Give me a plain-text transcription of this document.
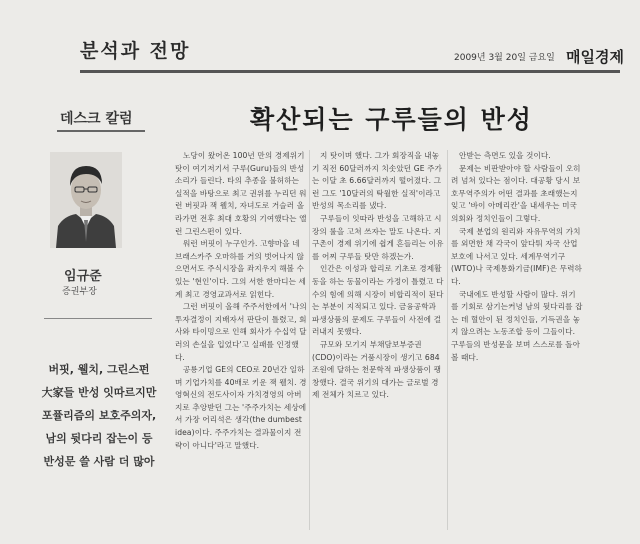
분석과 전망	2009년 3월 20일 금요일 매일경제
데스크 칼럼	확산되는 구루들의 반성
임규준
증권부장
버핏, 웰치, 그린스펀
大家들 반성 잇따르지만
포퓰리즘의 보호주의자,
남의 뒷다리 잡는이 등
반성문 쓸 사람 더 많아

노당이 왔어온 100년 만의 경제위기 탓이 여기저기서 구루(Guru)들의 반성 소리가 들린다. 타의 추종을 불허하는 실적을 바탕으로 최고 권위를 누리던 워런 버핏과 잭 웰치, 자녀도로 거슬러 올라가면 전후 최대 호황의 기여했다는 앨런 그린스펀이 있다.

워런 버핏이 누구인가. 고향마을 네브래스카주 오마하를 거의 벗어나지 않으면서도 주식시장을 좌지우지 해볼 수 있는 '현인'이다. 그의 서한 한마디는 세계 최고 경영교과서로 읽힌다.

그런 버핏이 올해 주주서한에서 '나의 투자결정이 지배자서 판단이 틀렸고, 회사와 타이밍으로 인해 회사가 수십억 달러의 손실을 입었다'고 실패를 인정했다.

공룡기업 GE의 CEO로 20년간 일하며 기업가치를 40배로 키운 잭 웰치. 경영혁신의 전도사이자 가치경영의 아버지로 추앙받던 그는 '주주가치는 세상에서 가장 어리석은 생각(the dumbest idea)이다. 주주가치는 결과물이지 전략이 아니다'라고 말했다.

지 탓이며 했다. 그가 회장직을 내놓기 직전 60달러까지 치솟았던 GE 주가는 이달 초 6.66달러까지 떨어졌다. 그런 그도 '10달러의 탁월한 실적'이라고 반성의 목소리를 냈다.

구루들이 잇따라 반성을 고해하고 시장의 룰을 고쳐 쓰자는 말도 나온다. 지구촌이 경제 위기에 쉽게 흔들리는 이유를 어찌 구루들 탓만 하겠는가.

인간은 이성과 합리로 기초로 경제활동을 하는 동물이라는 가정이 틀렸고 다수의 힘에 의해 시장이 비합리적이 된다는 부분이 지적되고 있다. 금융공학과 파생상품의 문제도 구루들이 사전에 걸러내지 못했다.

규모와 모기지 부채담보부증권(CDO)이라는 거품시장이 생기고 684조원에 달하는 천문학적 파생상품이 팽창했다. 결국 위기의 대가는 글로벌 경제 전체가 치르고 있다.

안받는 측면도 있을 것이다.

문제는 비판받아야 할 사람들이 오히려 넘쳐 있다는 점이다. 대공황 당시 보호무역주의가 어떤 결과를 초래했는지 잊고 '바이 아메리칸'을 내세우는 미국 의회와 정치인들이 그렇다.

국제 분업의 원리와 자유무역의 가치를 외면한 채 각국이 앞다퉈 자국 산업 보호에 나서고 있다. 세계무역기구(WTO)나 국제통화기금(IMF)은 무력하다.

국내에도 반성할 사람이 많다. 위기를 기회로 삼기는커녕 남의 뒷다리를 잡는 데 혈안이 된 정치인들, 기득권을 놓지 않으려는 노동조합 등이 그들이다. 구루들의 반성문을 보며 스스로를 돌아볼 때다.
